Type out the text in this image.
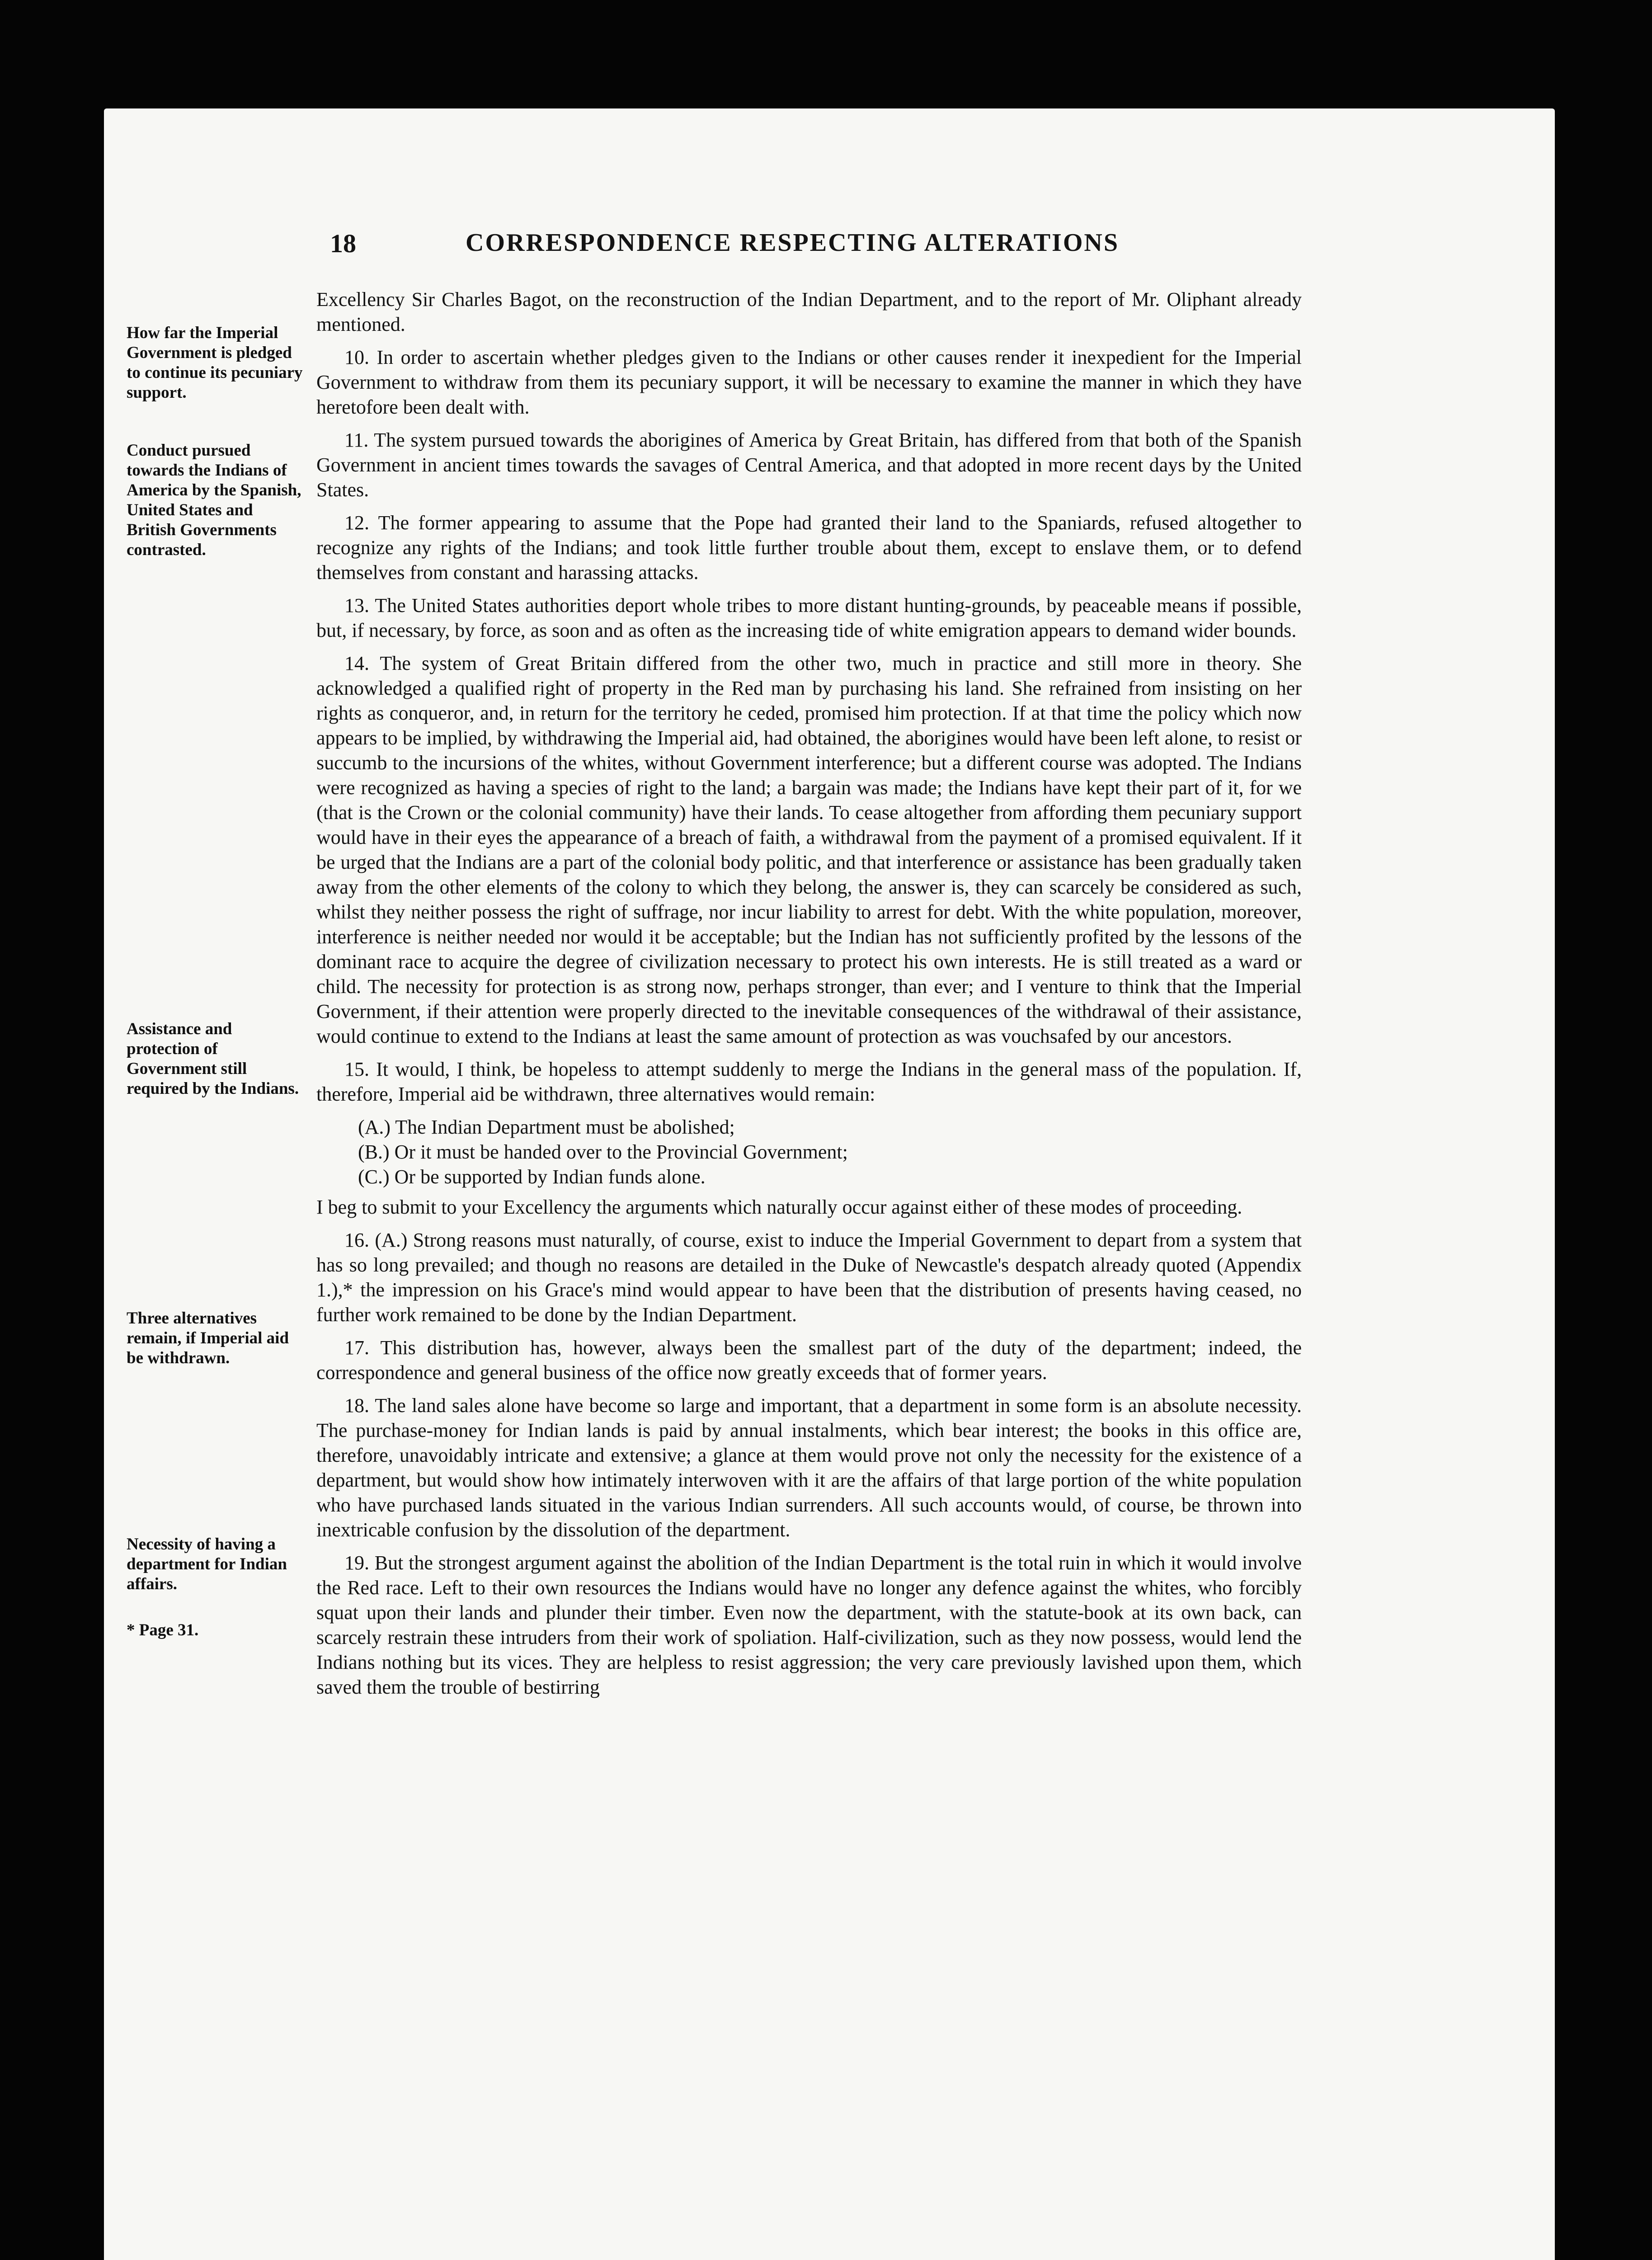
18	CORRESPONDENCE RESPECTING ALTERATIONS
How far the Imperial Government is pledged to continue its pecuniary support.
Conduct pursued towards the Indians of America by the Spanish, United States and British Governments contrasted.
Assistance and protection of Government still required by the Indians.
Three alternatives remain, if Imperial aid be withdrawn.
Necessity of having a department for Indian affairs.
* Page 31.

Excellency Sir Charles Bagot, on the reconstruction of the Indian Department, and to the report of Mr. Oliphant already mentioned.

10. In order to ascertain whether pledges given to the Indians or other causes render it inexpedient for the Imperial Government to withdraw from them its pecuniary support, it will be necessary to examine the manner in which they have heretofore been dealt with.

11. The system pursued towards the aborigines of America by Great Britain, has differed from that both of the Spanish Government in ancient times towards the savages of Central America, and that adopted in more recent days by the United States.

12. The former appearing to assume that the Pope had granted their land to the Spaniards, refused altogether to recognize any rights of the Indians; and took little further trouble about them, except to enslave them, or to defend themselves from constant and harassing attacks.

13. The United States authorities deport whole tribes to more distant hunting-grounds, by peaceable means if possible, but, if necessary, by force, as soon and as often as the increasing tide of white emigration appears to demand wider bounds.

14. The system of Great Britain differed from the other two, much in practice and still more in theory. She acknowledged a qualified right of property in the Red man by purchasing his land. She refrained from insisting on her rights as conqueror, and, in return for the territory he ceded, promised him protection. If at that time the policy which now appears to be implied, by withdrawing the Imperial aid, had obtained, the aborigines would have been left alone, to resist or succumb to the incursions of the whites, without Government interference; but a different course was adopted. The Indians were recognized as having a species of right to the land; a bargain was made; the Indians have kept their part of it, for we (that is the Crown or the colonial community) have their lands. To cease altogether from affording them pecuniary support would have in their eyes the appearance of a breach of faith, a withdrawal from the payment of a promised equivalent. If it be urged that the Indians are a part of the colonial body politic, and that interference or assistance has been gradually taken away from the other elements of the colony to which they belong, the answer is, they can scarcely be considered as such, whilst they neither possess the right of suffrage, nor incur liability to arrest for debt. With the white population, moreover, interference is neither needed nor would it be acceptable; but the Indian has not sufficiently profited by the lessons of the dominant race to acquire the degree of civilization necessary to protect his own interests. He is still treated as a ward or child. The necessity for protection is as strong now, perhaps stronger, than ever; and I venture to think that the Imperial Government, if their attention were properly directed to the inevitable consequences of the withdrawal of their assistance, would continue to extend to the Indians at least the same amount of protection as was vouchsafed by our ancestors.

15. It would, I think, be hopeless to attempt suddenly to merge the Indians in the general mass of the population. If, therefore, Imperial aid be withdrawn, three alternatives would remain:

(A.) The Indian Department must be abolished;
(B.) Or it must be handed over to the Provincial Government;
(C.) Or be supported by Indian funds alone.

I beg to submit to your Excellency the arguments which naturally occur against either of these modes of proceeding.

16. (A.) Strong reasons must naturally, of course, exist to induce the Imperial Government to depart from a system that has so long prevailed; and though no reasons are detailed in the Duke of Newcastle's despatch already quoted (Appendix 1.),* the impression on his Grace's mind would appear to have been that the distribution of presents having ceased, no further work remained to be done by the Indian Department.

17. This distribution has, however, always been the smallest part of the duty of the department; indeed, the correspondence and general business of the office now greatly exceeds that of former years.

18. The land sales alone have become so large and important, that a department in some form is an absolute necessity. The purchase-money for Indian lands is paid by annual instalments, which bear interest; the books in this office are, therefore, unavoidably intricate and extensive; a glance at them would prove not only the necessity for the existence of a department, but would show how intimately interwoven with it are the affairs of that large portion of the white population who have purchased lands situated in the various Indian surrenders. All such accounts would, of course, be thrown into inextricable confusion by the dissolution of the department.

19. But the strongest argument against the abolition of the Indian Department is the total ruin in which it would involve the Red race. Left to their own resources the Indians would have no longer any defence against the whites, who forcibly squat upon their lands and plunder their timber. Even now the department, with the statute-book at its own back, can scarcely restrain these intruders from their work of spoliation. Half-civilization, such as they now possess, would lend the Indians nothing but its vices. They are helpless to resist aggression; the very care previously lavished upon them, which saved them the trouble of bestirring
